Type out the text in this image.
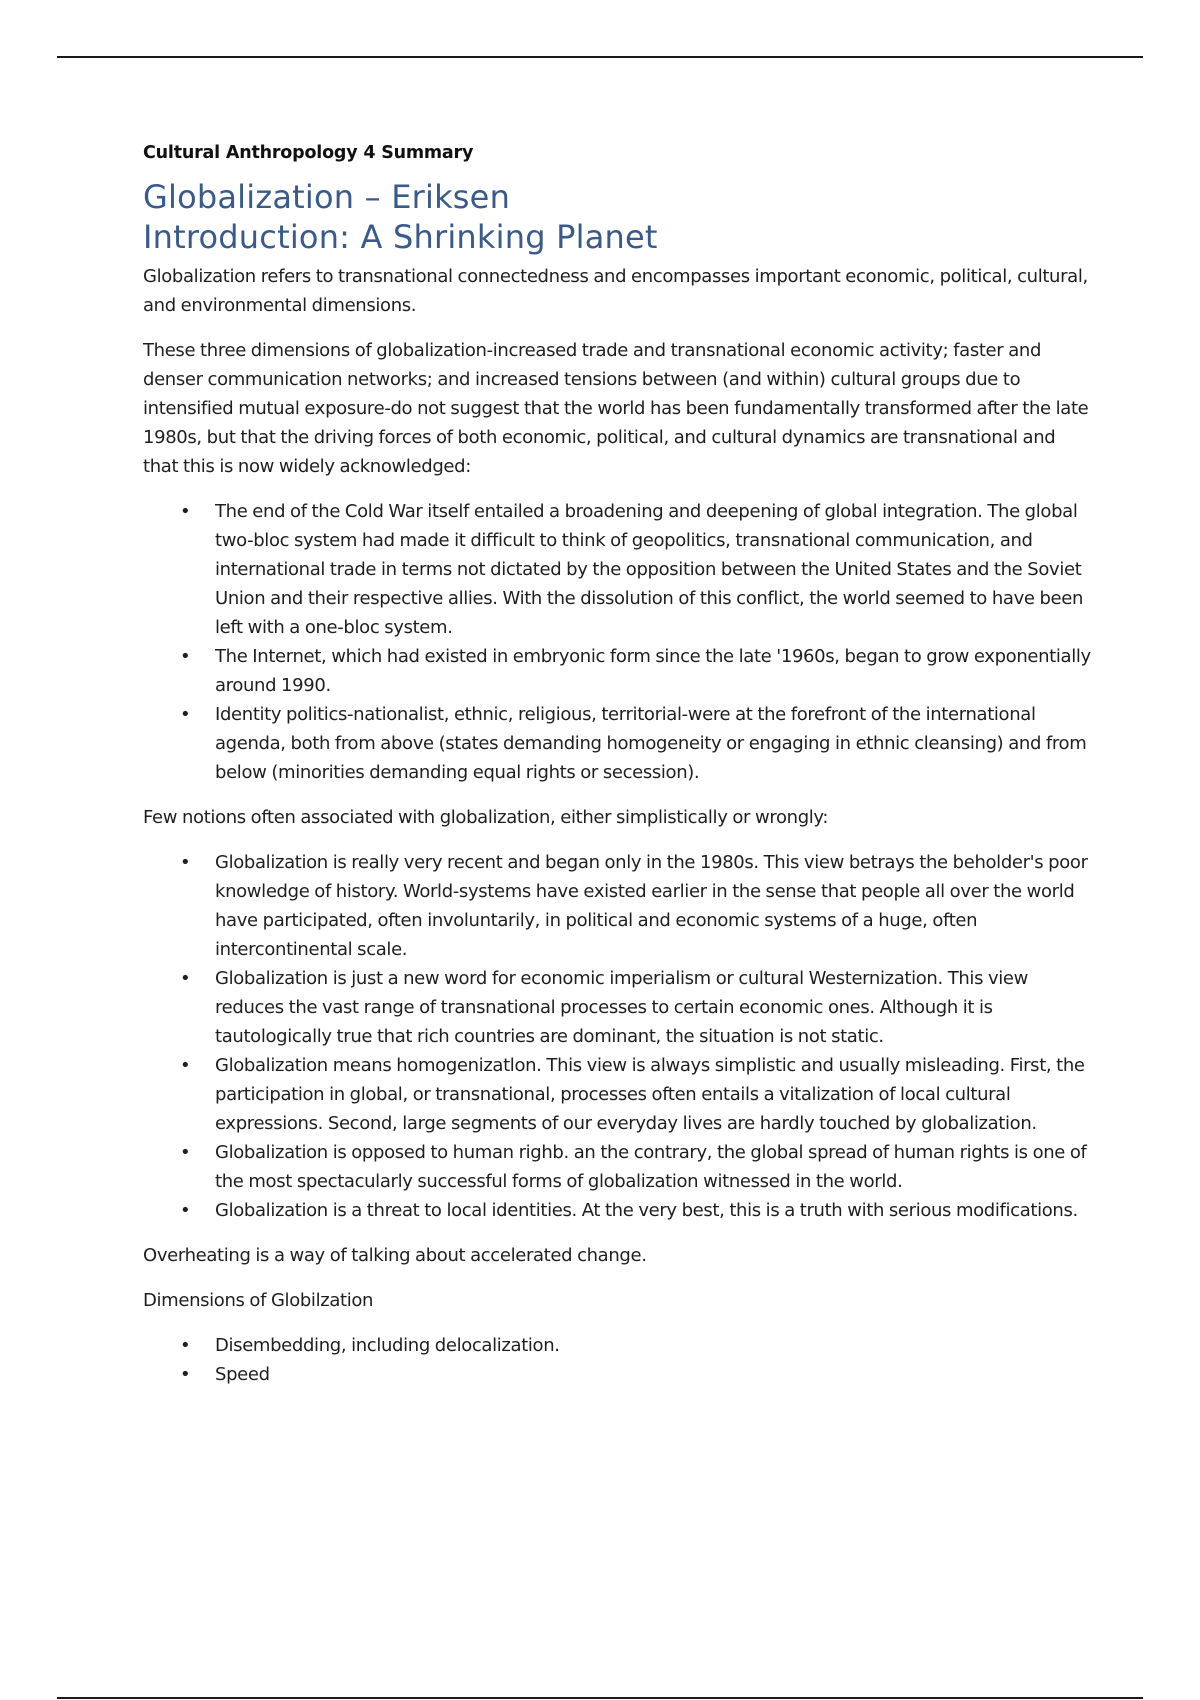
Cultural Anthropology 4 Summary
Globalization – Eriksen
Introduction: A Shrinking Planet

Globalization refers to transnational connectedness and encompasses important economic, political, cultural, and environmental dimensions.

These three dimensions of globalization-increased trade and transnational economic activity; faster and denser communication networks; and increased tensions between (and within) cultural groups due to intensified mutual exposure-do not suggest that the world has been fundamentally transformed after the late 1980s, but that the driving forces of both economic, political, and cultural dynamics are transnational and that this is now widely acknowledged:

• The end of the Cold War itself entailed a broadening and deepening of global integration. The global two-bloc system had made it difficult to think of geopolitics, transnational communication, and international trade in terms not dictated by the opposition between the United States and the Soviet Union and their respective allies. With the dissolution of this conflict, the world seemed to have been left with a one-bloc system.
• The Internet, which had existed in embryonic form since the late '1960s, began to grow exponentially around 1990.
• Identity politics-nationalist, ethnic, religious, territorial-were at the forefront of the international agenda, both from above (states demanding homogeneity or engaging in ethnic cleansing) and from below (minorities demanding equal rights or secession).

Few notions often associated with globalization, either simplistically or wrongly:

• Globalization is really very recent and began only in the 1980s. This view betrays the beholder's poor knowledge of history. World-systems have existed earlier in the sense that people all over the world have participated, often involuntarily, in political and economic systems of a huge, often intercontinental scale.
• Globalization is just a new word for economic imperialism or cultural Westernization. This view reduces the vast range of transnational processes to certain economic ones. Although it is tautologically true that rich countries are dominant, the situation is not static.
• Globalization means homogenizatlon. This view is always simplistic and usually misleading. First, the participation in global, or transnational, processes often entails a vitalization of local cultural expressions. Second, large segments of our everyday lives are hardly touched by globalization.
• Globalization is opposed to human righb. an the contrary, the global spread of human rights is one of the most spectacularly successful forms of globalization witnessed in the world.
• Globalization is a threat to local identities. At the very best, this is a truth with serious modifications.

Overheating is a way of talking about accelerated change.

Dimensions of Globilzation

• Disembedding, including delocalization.
• Speed
